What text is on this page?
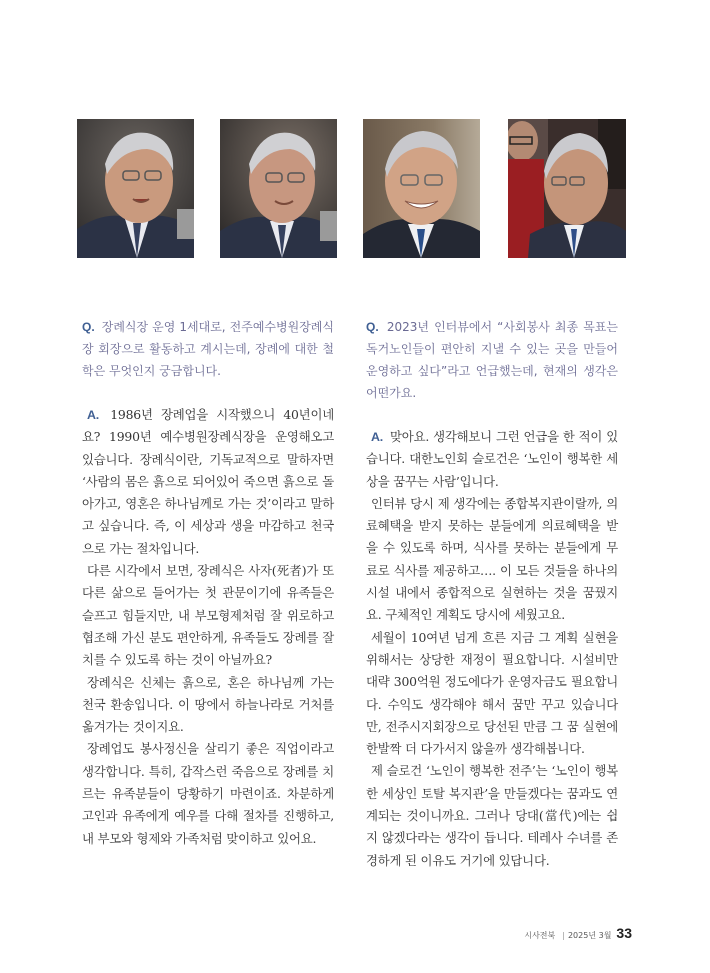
Q. 장례식장 운영 1세대로, 전주예수병원장례식장 회장으로 활동하고 계시는데, 장례에 대한 철학은 무엇인지 궁금합니다.

A. 1986년 장례업을 시작했으니 40년이네요? 1990년 예수병원장례식장을 운영해오고 있습니다. 장례식이란, 기독교적으로 말하자면 ‘사람의 몸은 흙으로 되어있어 죽으면 흙으로 돌아가고, 영혼은 하나님께로 가는 것’이라고 말하고 싶습니다. 즉, 이 세상과 생을 마감하고 천국으로 가는 절차입니다.

다른 시각에서 보면, 장례식은 사자(死者)가 또 다른 삶으로 들어가는 첫 관문이기에 유족들은 슬프고 힘들지만, 내 부모형제처럼 잘 위로하고 협조해 가신 분도 편안하게, 유족들도 장례를 잘 치를 수 있도록 하는 것이 아닐까요?

장례식은 신체는 흙으로, 혼은 하나님께 가는 천국 환송입니다. 이 땅에서 하늘나라로 거처를 옮겨가는 것이지요.

장례업도 봉사정신을 살리기 좋은 직업이라고 생각합니다. 특히, 갑작스런 죽음으로 장례를 치르는 유족분들이 당황하기 마련이죠. 차분하게 고인과 유족에게 예우를 다해 절차를 진행하고, 내 부모와 형제와 가족처럼 맞이하고 있어요.

Q. 2023년 인터뷰에서 “사회봉사 최종 목표는 독거노인들이 편안히 지낼 수 있는 곳을 만들어 운영하고 싶다”라고 언급했는데, 현재의 생각은 어떤가요.

A. 맞아요. 생각해보니 그런 언급을 한 적이 있습니다. 대한노인회 슬로건은 ‘노인이 행복한 세상을 꿈꾸는 사람’입니다.

인터뷰 당시 제 생각에는 종합복지관이랄까, 의료혜택을 받지 못하는 분들에게 의료혜택을 받을 수 있도록 하며, 식사를 못하는 분들에게 무료로 식사를 제공하고…. 이 모든 것들을 하나의 시설 내에서 종합적으로 실현하는 것을 꿈꿨지요. 구체적인 계획도 당시에 세웠고요.

세월이 10여년 넘게 흐른 지금 그 계획 실현을 위해서는 상당한 재정이 필요합니다. 시설비만 대략 300억원 정도에다가 운영자금도 필요합니다. 수익도 생각해야 해서 꿈만 꾸고 있습니다만, 전주시지회장으로 당선된 만큼 그 꿈 실현에 한발짝 더 다가서지 않을까 생각해봅니다.

제 슬로건 ‘노인이 행복한 전주’는 ‘노인이 행복한 세상인 토탈 복지관’을 만들겠다는 꿈과도 연계되는 것이니까요. 그러나 당대(當代)에는 쉽지 않겠다라는 생각이 듭니다. 테레사 수녀를 존경하게 된 이유도 거기에 있답니다.

시사전북 | 2025년 3월 33
